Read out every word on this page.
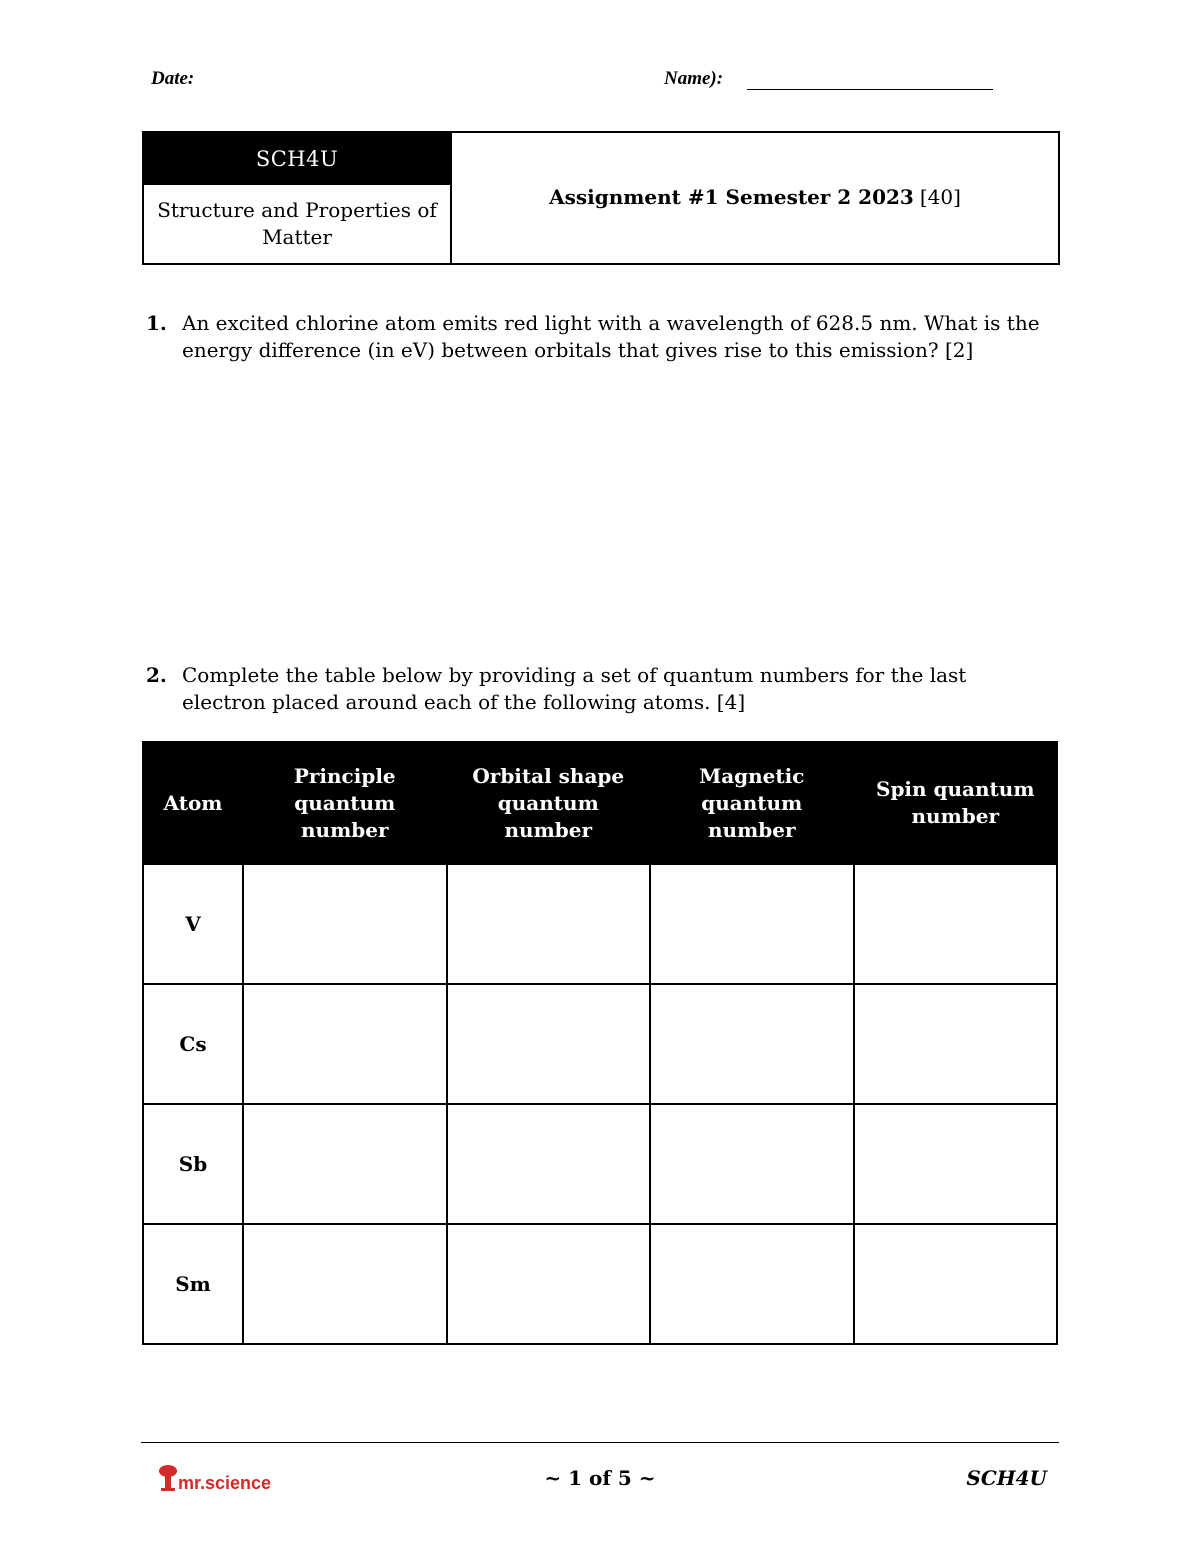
Date:	Name):
SCH4U
Structure and Properties of Matter
Assignment #1 Semester 2 2023 [40]
1. An excited chlorine atom emits red light with a wavelength of 628.5 nm. What is the energy difference (in eV) between orbitals that gives rise to this emission? [2]
2. Complete the table below by providing a set of quantum numbers for the last electron placed around each of the following atoms. [4]
Atom	Principle quantum number	Orbital shape quantum number	Magnetic quantum number	Spin quantum number
V				
Cs				
Sb				
Sm				
mr.science	~ 1 of 5 ~	SCH4U
